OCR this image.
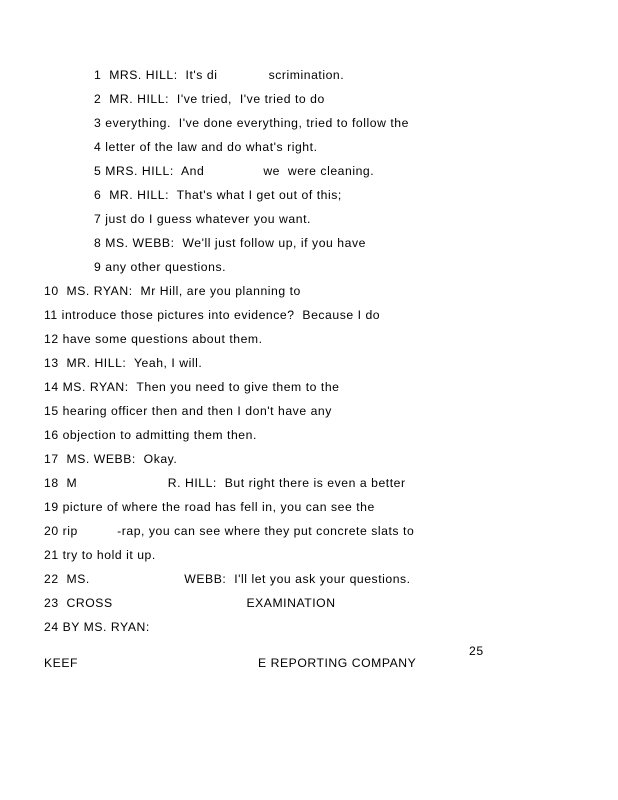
1  MRS. HILL:  It's di             scrimination.
2  MR. HILL:  I've tried,  I've tried to do
3 everything.  I've done everything, tried to follow the
4 letter of the law and do what's right.
5 MRS. HILL:  And               we  were cleaning.
6  MR. HILL:  That's what I get out of this;
7 just do I guess whatever you want.
8 MS. WEBB:  We'll just follow up, if you have
9 any other questions.
10  MS. RYAN:  Mr Hill, are you planning to
11 introduce those pictures into evidence?  Because I do
12 have some questions about them.
13  MR. HILL:  Yeah, I will.
14 MS. RYAN:  Then you need to give them to the
15 hearing officer then and then I don't have any
16 objection to admitting them then.
17  MS. WEBB:  Okay.
18  M                       R. HILL:  But right there is even a better
19 picture of where the road has fell in, you can see the
20 rip          -rap, you can see where they put concrete slats to
21 try to hold it up.
22  MS.                        WEBB:  I'll let you ask your questions.
23  CROSS                                  EXAMINATION
24 BY MS. RYAN:
25
KEEF	E REPORTING COMPANY
